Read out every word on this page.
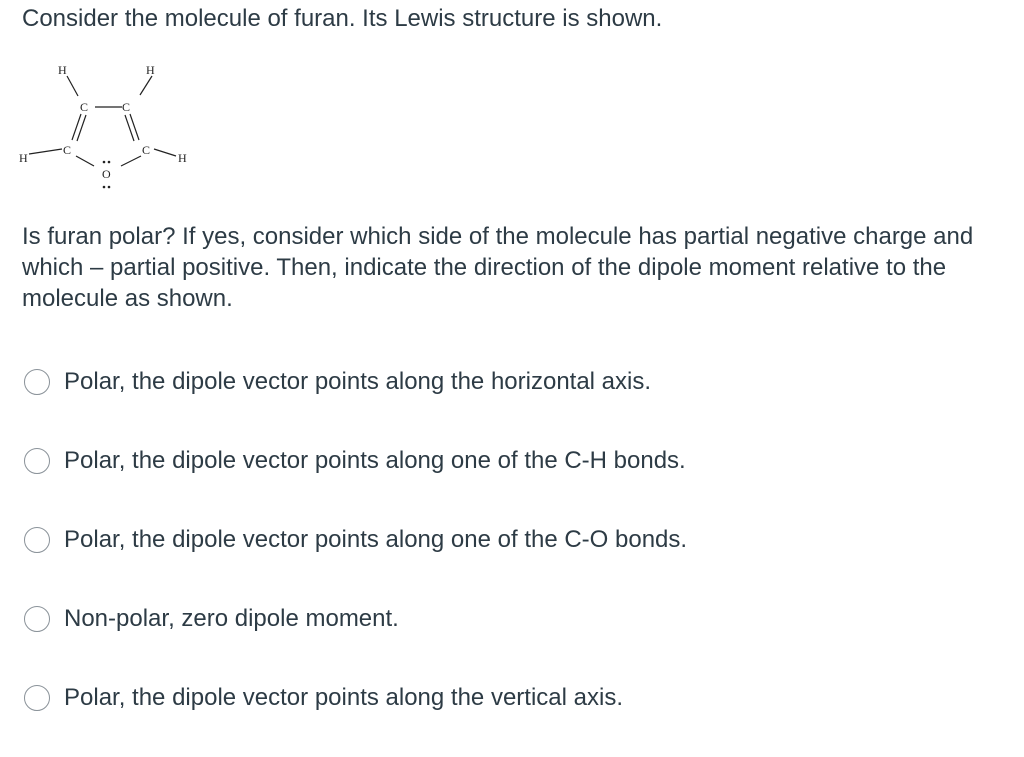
Consider the molecule of furan. Its Lewis structure is shown.

H	H
C	C
H
C	C
H
O

Is furan polar? If yes, consider which side of the molecule has partial negative charge and which – partial positive. Then, indicate the direction of the dipole moment relative to the molecule as shown.

Polar, the dipole vector points along the horizontal axis.
Polar, the dipole vector points along one of the C-H bonds.
Polar, the dipole vector points along one of the C-O bonds.
Non-polar, zero dipole moment.
Polar, the dipole vector points along the vertical axis.
